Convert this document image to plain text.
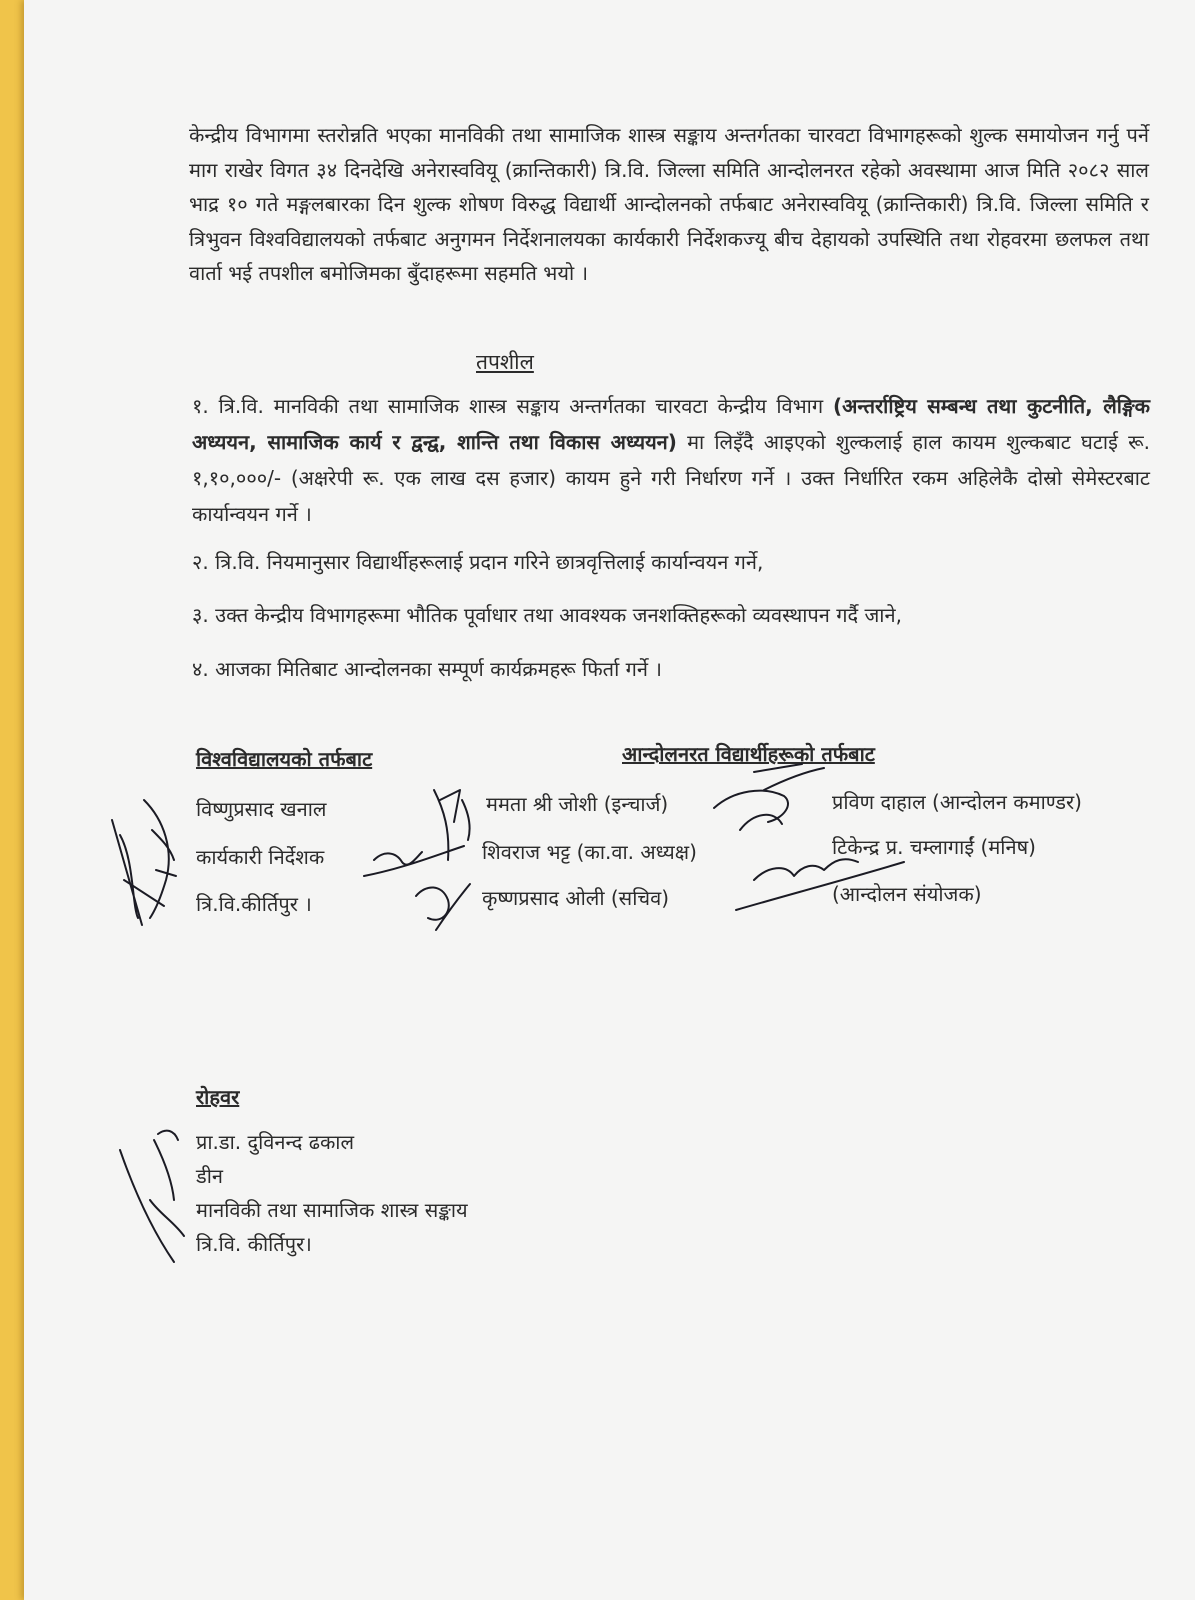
केन्द्रीय विभागमा स्तरोन्नति भएका मानविकी तथा सामाजिक शास्त्र सङ्काय अन्तर्गतका चारवटा विभागहरूको शुल्क समायोजन गर्नु पर्ने माग राखेर विगत ३४ दिनदेखि अनेरास्ववियू (क्रान्तिकारी) त्रि.वि. जिल्ला समिति आन्दोलनरत रहेको अवस्थामा आज मिति २०८२ साल भाद्र १० गते मङ्गलबारका दिन शुल्क शोषण विरुद्ध विद्यार्थी आन्दोलनको तर्फबाट अनेरास्ववियू (क्रान्तिकारी) त्रि.वि. जिल्ला समिति र त्रिभुवन विश्वविद्यालयको तर्फबाट अनुगमन निर्देशनालयका कार्यकारी निर्देशकज्यू बीच देहायको उपस्थिति तथा रोहवरमा छलफल तथा वार्ता भई तपशील बमोजिमका बुँदाहरूमा सहमति भयो ।

तपशील

१. त्रि.वि. मानविकी तथा सामाजिक शास्त्र सङ्काय अन्तर्गतका चारवटा केन्द्रीय विभाग (अन्तर्राष्ट्रिय सम्बन्ध तथा कुटनीति, लैङ्गिक अध्ययन, सामाजिक कार्य र द्वन्द्व, शान्ति तथा विकास अध्ययन) मा लिइँदै आइएको शुल्कलाई हाल कायम शुल्कबाट घटाई रू. १,१०,०००/- (अक्षरेपी रू. एक लाख दस हजार) कायम हुने गरी निर्धारण गर्ने । उक्त निर्धारित रकम अहिलेकै दोस्रो सेमेस्टरबाट कार्यान्वयन गर्ने ।

२. त्रि.वि. नियमानुसार विद्यार्थीहरूलाई प्रदान गरिने छात्रवृत्तिलाई कार्यान्वयन गर्ने,
३. उक्त केन्द्रीय विभागहरूमा भौतिक पूर्वाधार तथा आवश्यक जनशक्तिहरूको व्यवस्थापन गर्दै जाने,
४. आजका मितिबाट आन्दोलनका सम्पूर्ण कार्यक्रमहरू फिर्ता गर्ने ।
विश्वविद्यालयको तर्फबाट	आन्दोलनरत विद्यार्थीहरूको तर्फबाट
विष्णुप्रसाद खनाल
कार्यकारी निर्देशक
त्रि.वि.कीर्तिपुर ।
ममता श्री जोशी (इन्चार्ज)
शिवराज भट्ट (का.वा. अध्यक्ष)
कृष्णप्रसाद ओली (सचिव)
प्रविण दाहाल (आन्दोलन कमाण्डर)
टिकेन्द्र प्र. चम्लागाईं (मनिष)
(आन्दोलन संयोजक)
रोहवर
प्रा.डा. दुविनन्द ढकाल
डीन
मानविकी तथा सामाजिक शास्त्र सङ्काय
त्रि.वि. कीर्तिपुर।
